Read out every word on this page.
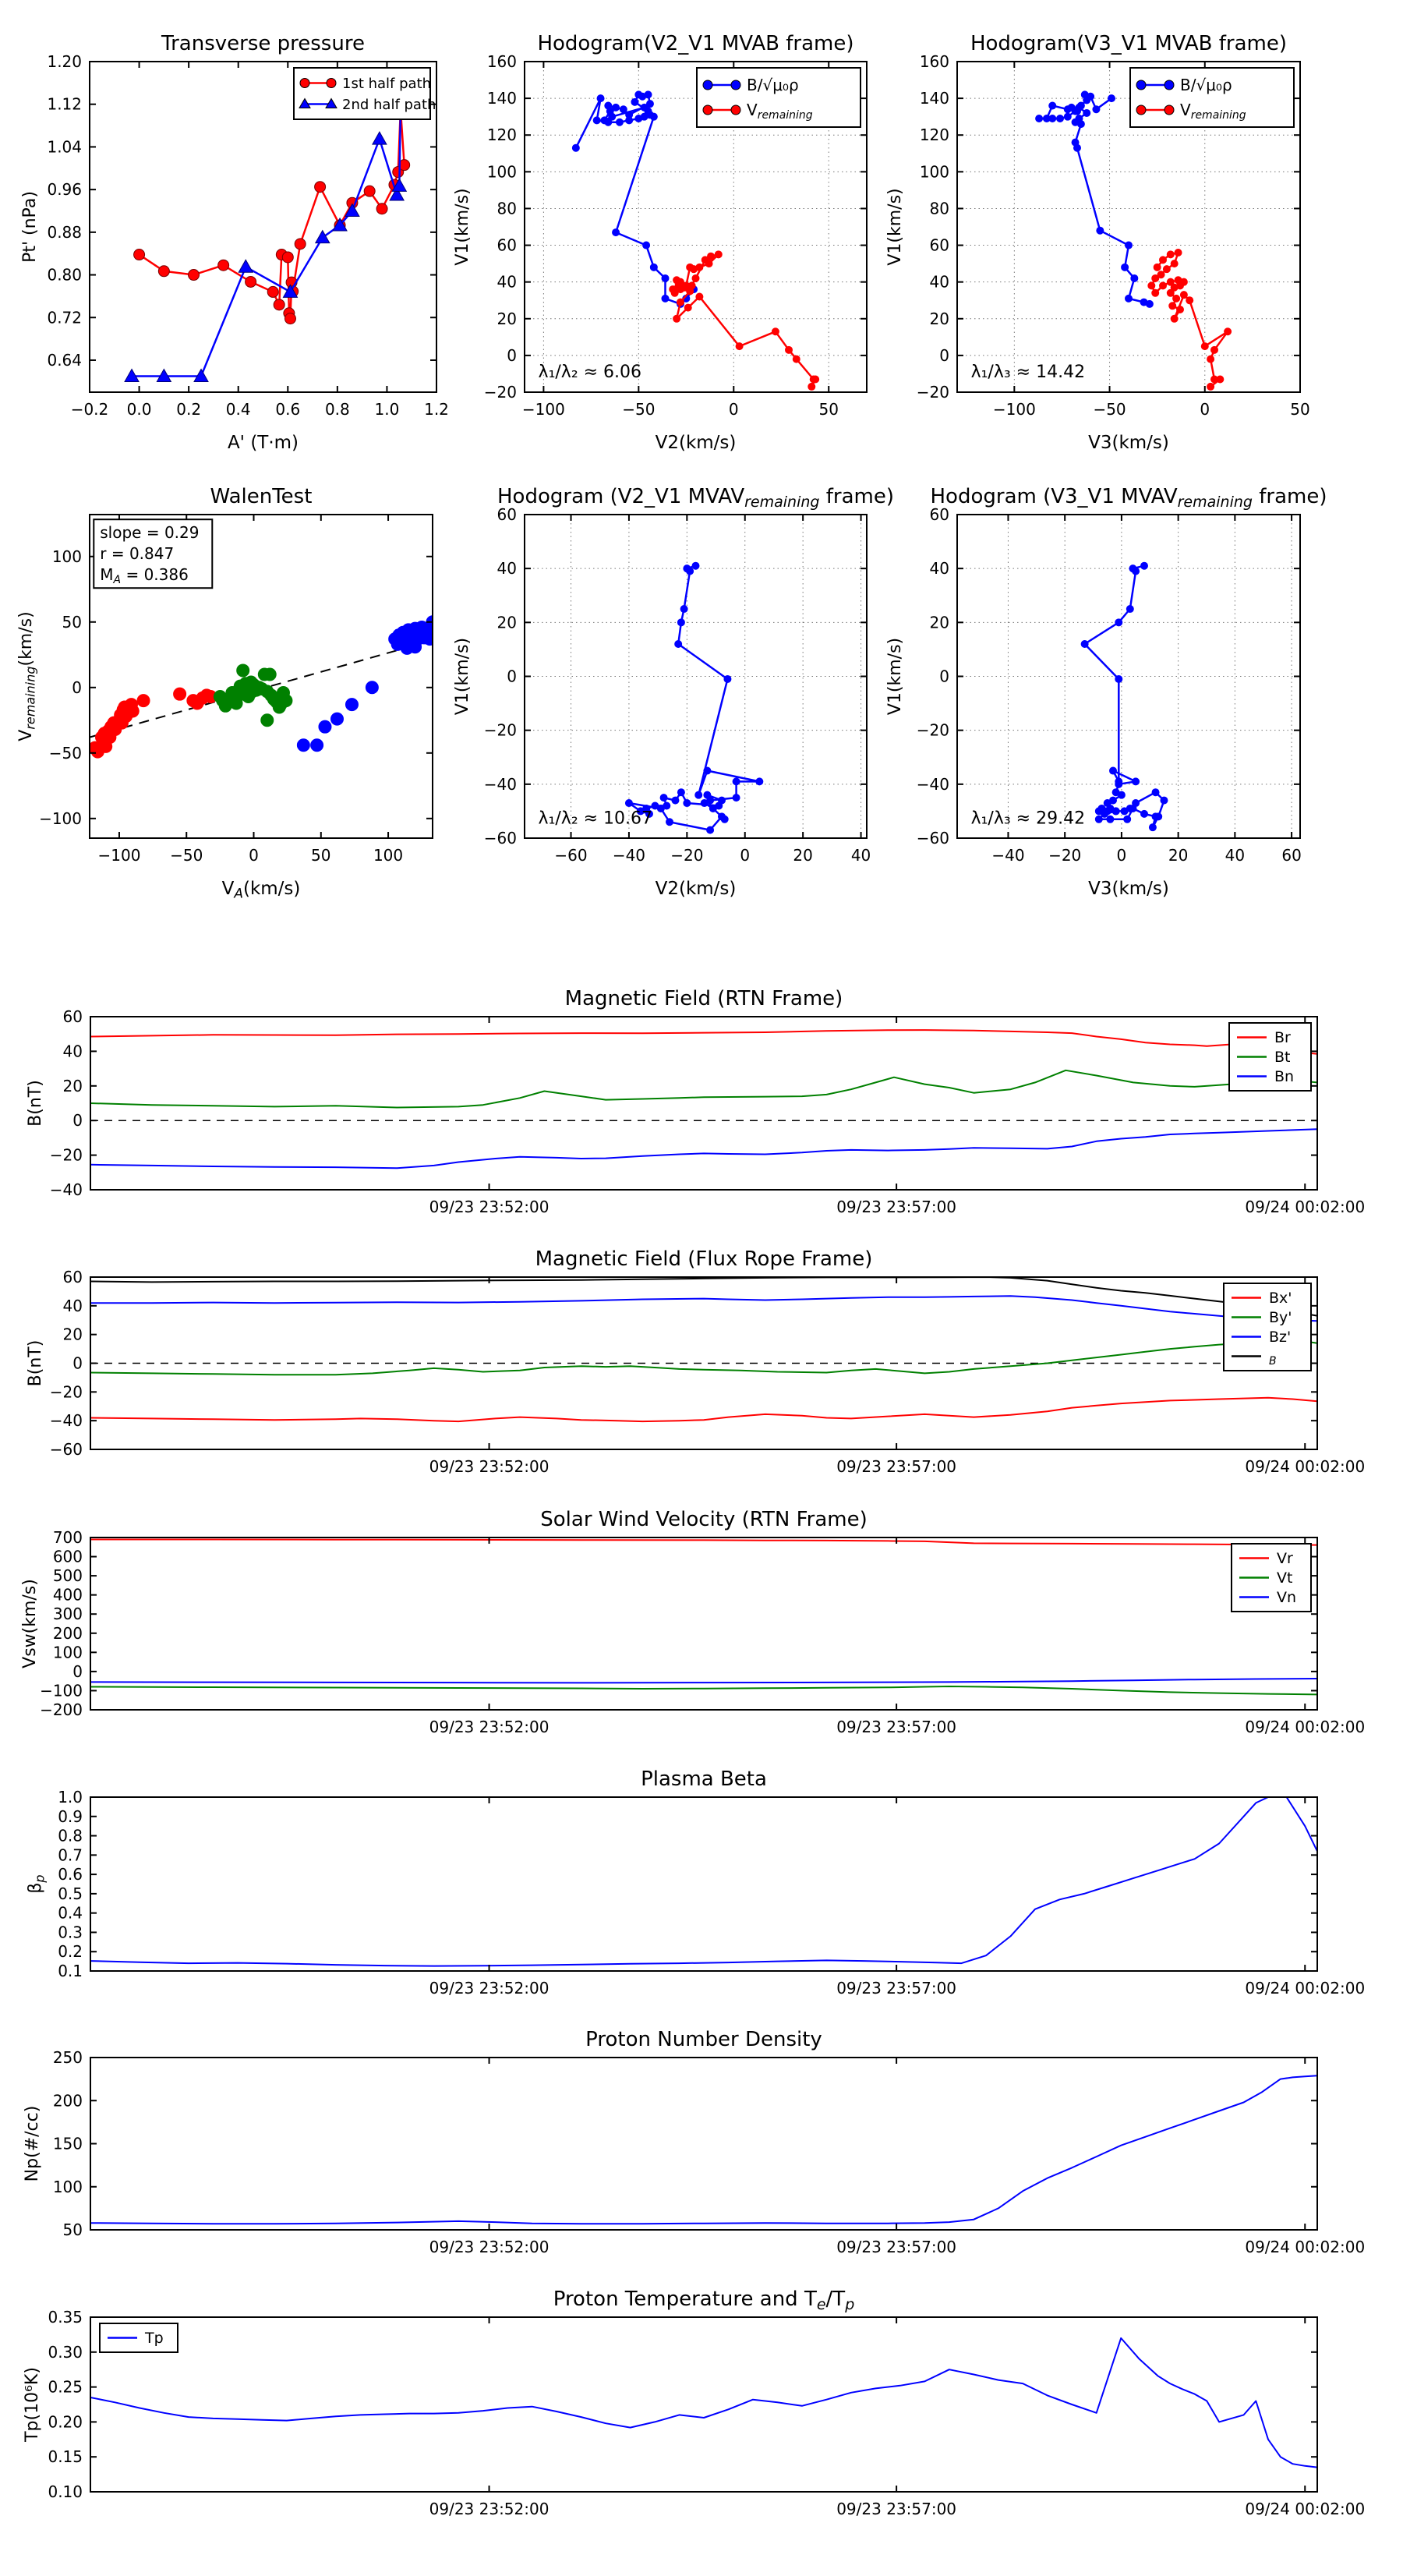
−0.2 0.0 0.2 0.4 0.6 0.8 1.0 1.2
0.64
0.72
0.80
0.88
0.96
1.04
1.12
1.20
Transverse pressure
A' (T·m)
Pt' (nPa)
1st half path
2nd half path
−100	−50	0	50
−20
0
20
40
60
80
100
120
140
160
Hodogram(V2_V1 MVAB frame)
V2(km/s)
V1(km/s)
B/√μ₀ρ
$V_{remaining}$
λ₁/λ₂ ≈ 6.06
−100	−50	0	50
−20
0
20
40
60
80
100
120
140
160
Hodogram(V3_V1 MVAB frame)
V3(km/s)
V1(km/s)
B/√μ₀ρ
$V_{remaining}$
λ₁/λ₃ ≈ 14.42
−100 −50	0	50	100
−100
−50
0
50
100
WalenTest
$V_A(km/s)$
$V_{remaining}(km/s)$
slope = 0.29
r = 0.847
$M_A = 0.386$
−60 −40 −20 0	20 40
−60
−40
−20
0
20
40
60
Hodogram (V2_V1 $MVAV_{remaining}$ frame)
V2(km/s)
V1(km/s)
λ₁/λ₂ ≈ 10.67
−40 −20 0	20 40 60
−60
−40
−20
0
20
40
60
Hodogram (V3_V1 $MVAV_{remaining}$ frame)
V3(km/s)
V1(km/s)
λ₁/λ₃ ≈ 29.42
09/23 23:52:00	09/23 23:57:00	09/24 00:02:00
−40
−20
0
20
40
60
Magnetic Field (RTN Frame)
B(nT)
Br
Bt
Bn
09/23 23:52:00	09/23 23:57:00	09/24 00:02:00
−60
−40
−20
0
20
40
60
Magnetic Field (Flux Rope Frame)
B(nT)
Bx'
By'
Bz'
$_B$
09/23 23:52:00	09/23 23:57:00	09/24 00:02:00
−200
−100
0
100
200
300
400
500
600
700
Solar Wind Velocity (RTN Frame)
Vsw(km/s)
Vr
Vt
Vn
09/23 23:52:00	09/23 23:57:00	09/24 00:02:00
0.1
0.2
0.3
0.4
0.5
0.6
0.7
0.8
0.9
1.0
Plasma Beta
$\beta_p$
09/23 23:52:00	09/23 23:57:00	09/24 00:02:00
50
100
150
200
250
Proton Number Density
Np(#/cc)
09/23 23:52:00	09/23 23:57:00	09/24 00:02:00
0.10
0.15
0.20
0.25
0.30
0.35
Proton Temperature and $T_e/T_p$
Tp(10⁶K)
Tp
